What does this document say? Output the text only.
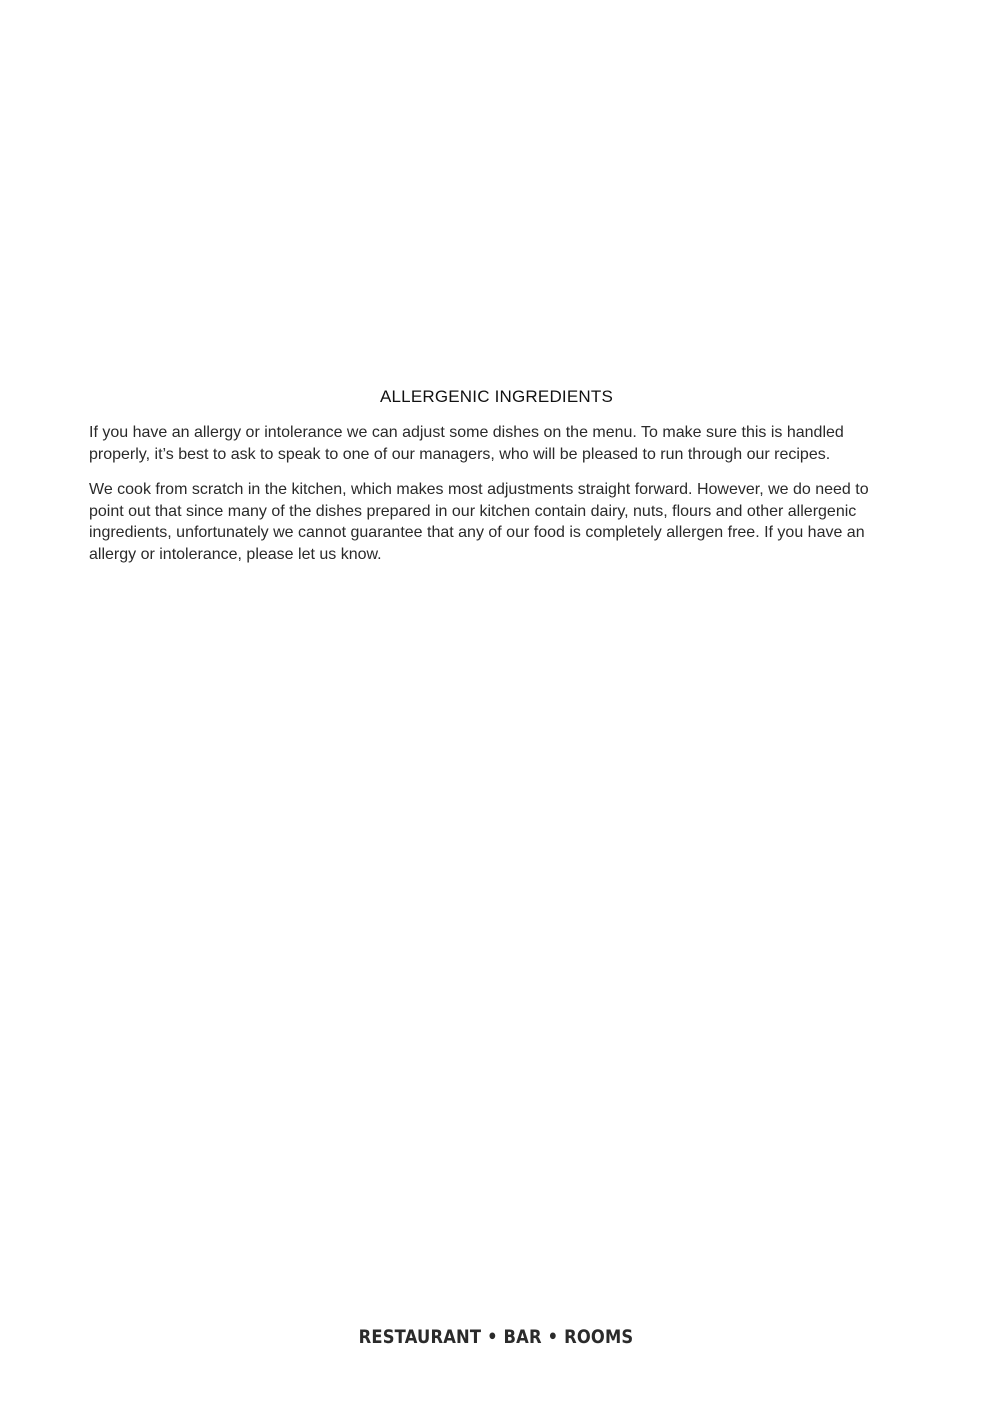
ALLERGENIC INGREDIENTS

If you have an allergy or intolerance we can adjust some dishes on the menu. To make sure this is handled properly, it’s best to ask to speak to one of our managers, who will be pleased to run through our recipes.

We cook from scratch in the kitchen, which makes most adjustments straight forward. However, we do need to point out that since many of the dishes prepared in our kitchen contain dairy, nuts, flours and other allergenic ingredients, unfortunately we cannot guarantee that any of our food is completely allergen free. If you have an allergy or intolerance, please let us know.

RESTAURANT • BAR • ROOMS
